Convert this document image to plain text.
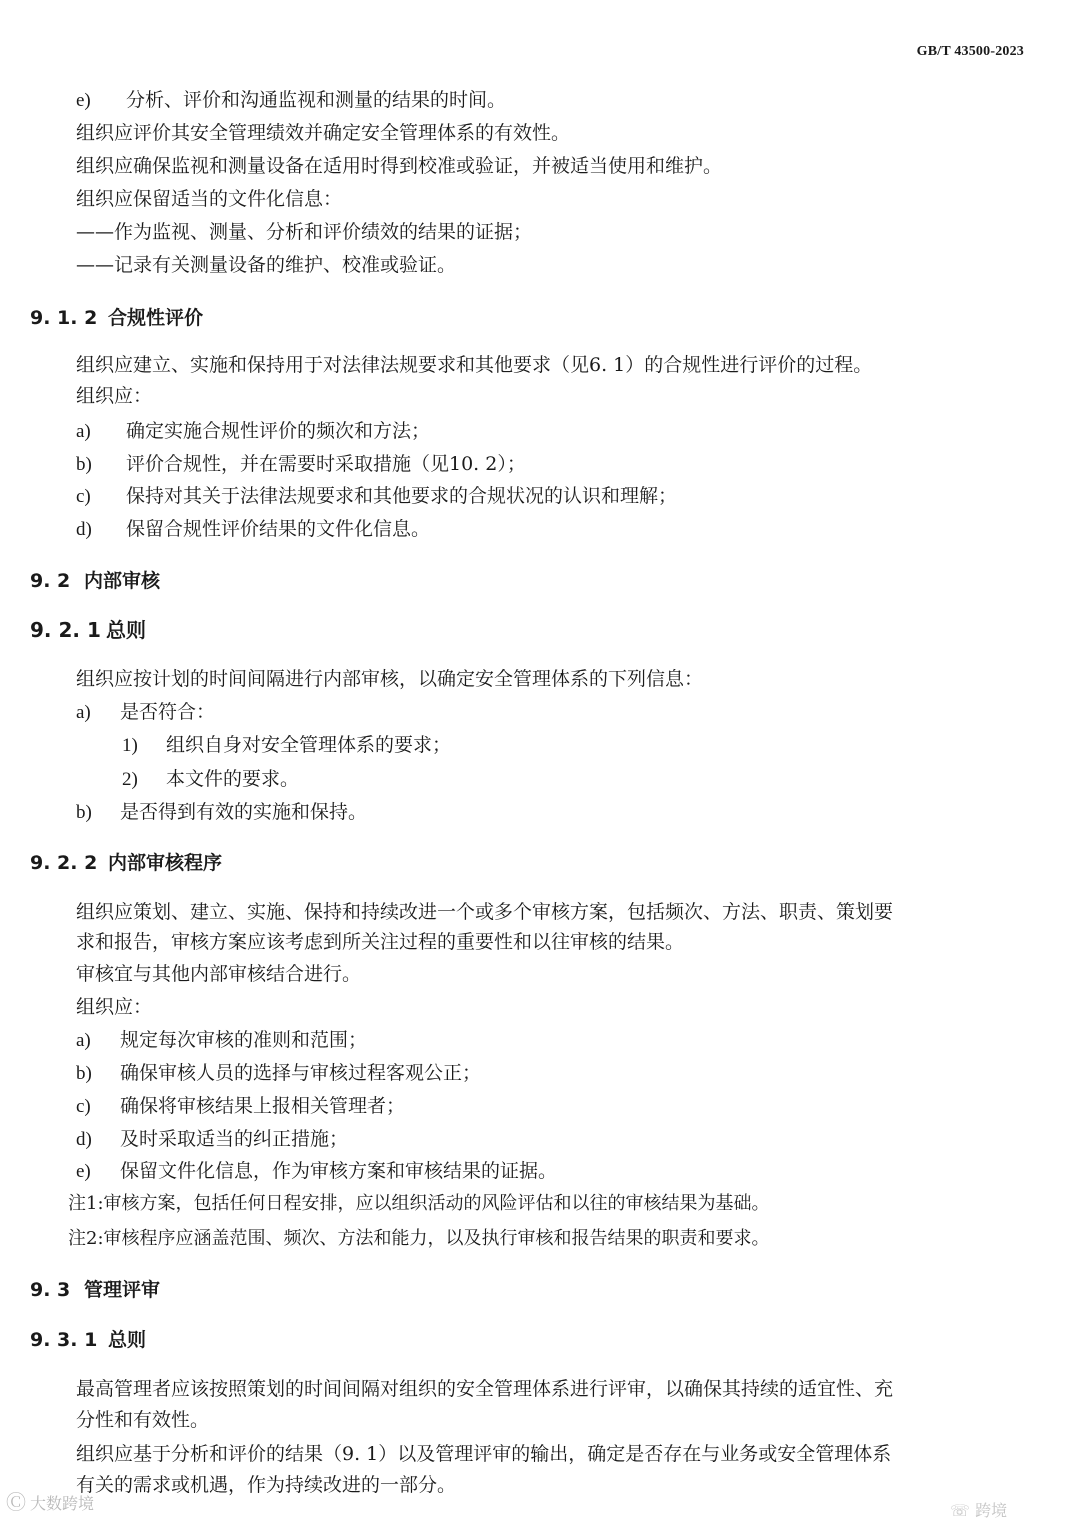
GB/T 43500-2023
e) 分析、评价和沟通监视和测量的结果的时间。
组织应评价其安全管理绩效并确定安全管理体系的有效性。
组织应确保监视和测量设备在适用时得到校准或验证，并被适当使用和维护。
组织应保留适当的文件化信息：
——作为监视、测量、分析和评价绩效的结果的证据；
——记录有关测量设备的维护、校准或验证。
9. 1. 2 合规性评价
组织应建立、实施和保持用于对法律法规要求和其他要求（见6. 1）的合规性进行评价的过程。
组织应：
a) 确定实施合规性评价的频次和方法；
b) 评价合规性，并在需要时采取措施（见10. 2）；
c) 保持对其关于法律法规要求和其他要求的合规状况的认识和理解；
d) 保留合规性评价结果的文件化信息。
9. 2 内部审核
9. 2. 1 总则
组织应按计划的时间间隔进行内部审核，以确定安全管理体系的下列信息：
a) 是否符合：
1) 组织自身对安全管理体系的要求；
2) 本文件的要求。
b) 是否得到有效的实施和保持。
9. 2. 2 内部审核程序
组织应策划、建立、实施、保持和持续改进一个或多个审核方案，包括频次、方法、职责、策划要
求和报告，审核方案应该考虑到所关注过程的重要性和以往审核的结果。
审核宜与其他内部审核结合进行。
组织应：
a) 规定每次审核的准则和范围；
b) 确保审核人员的选择与审核过程客观公正；
c) 确保将审核结果上报相关管理者；
d) 及时采取适当的纠正措施；
e) 保留文件化信息，作为审核方案和审核结果的证据。
注1:审核方案，包括任何日程安排，应以组织活动的风险评估和以往的审核结果为基础。
注2:审核程序应涵盖范围、频次、方法和能力，以及执行审核和报告结果的职责和要求。
9. 3 管理评审
9. 3. 1 总则
最高管理者应该按照策划的时间间隔对组织的安全管理体系进行评审，以确保其持续的适宜性、充
分性和有效性。
组织应基于分析和评价的结果（9. 1）以及管理评审的输出，确定是否存在与业务或安全管理体系
有关的需求或机遇，作为持续改进的一部分。
Ⓒ 大数跨境	☏ 跨境
